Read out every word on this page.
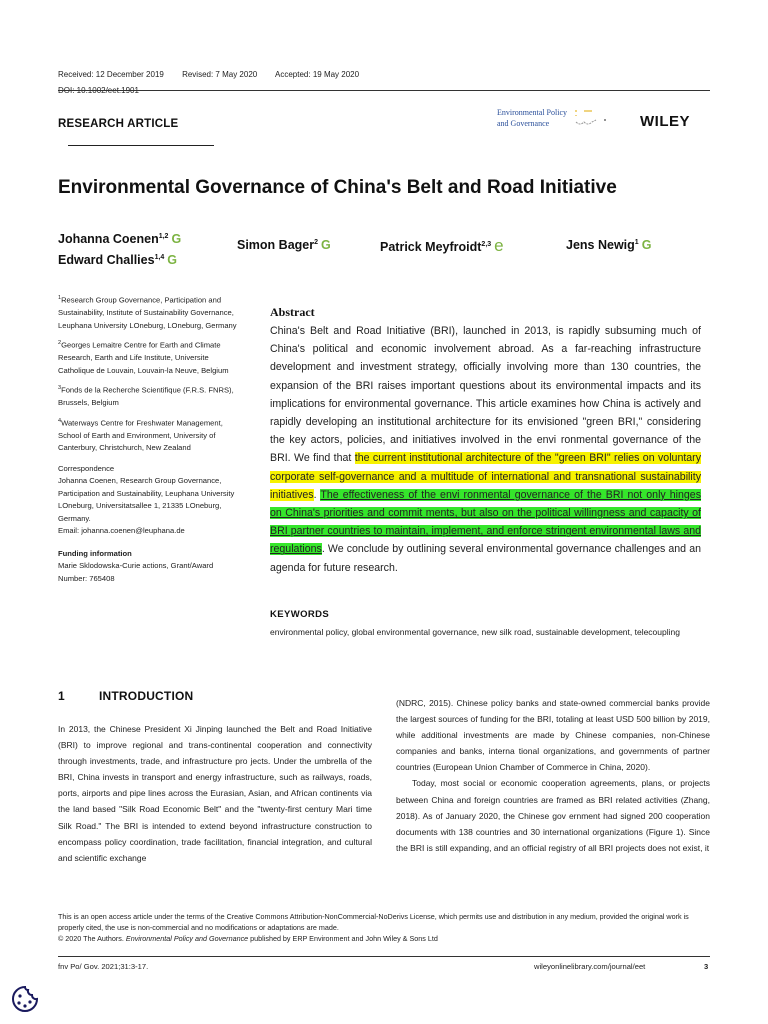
Received: 12 December 2019 Revised: 7 May 2020 Accepted: 19 May 2020
DOI: 10.1002/eet.1901
RESEARCH ARTICLE
Environmental Policy
and Governance	WILEY
Environmental Governance of China's Belt and Road Initiative
Johanna Coenen$^{1,2}$ G	Simon Bager$^2$ G	Patrick Meyfroidt$^{2,3}$ e	Jens Newig$^1$ G
Edward Challies$^{1,4}$ G

$^1$Research Group Governance, Participation and Sustainability, Institute of Sustainability Governance, Leuphana University LOneburg, LOneburg, Germany

$^2$Georges Lemaitre Centre for Earth and Climate Research, Earth and Life Institute, Universite Catholique de Louvain, Louvain-la Neuve, Belgium

$^3$Fonds de la Recherche Scientifique (F.R.S. FNRS), Brussels, Belgium

$^4$Waterways Centre for Freshwater Management, School of Earth and Environment, University of Canterbury, Christchurch, New Zealand

Correspondence
Johanna Coenen, Research Group Governance, Participation and Sustainability, Leuphana University LOneburg, Universitatsallee 1, 21335 LOneburg, Germany.
Email: johanna.coenen@leuphana.de

Funding information
Marie Sklodowska-Curie actions, Grant/Award Number: 765408

Abstract
China's Belt and Road Initiative (BRI), launched in 2013, is rapidly subsuming much of China's political and economic involvement abroad. As a far-reaching infrastructure development and investment strategy, officially involving more than 130 countries, the expansion of the BRI raises important questions about its environmental impacts and its implications for environmental governance. This article examines how China is actively and rapidly developing an institutional architecture for its envisioned "green BRI," considering the key actors, policies, and initiatives involved in the envi ronmental governance of the BRI. We find that the current institutional architecture of the "green BRI" relies on voluntary corporate self-governance and a multitude of international and transnational sustainability initiatives. The effectiveness of the envi ronmental governance of the BRI not only hinges on China's priorities and commit ments, but also on the political willingness and capacity of BRI partner countries to maintain, implement, and enforce stringent environmental laws and regulations. We conclude by outlining several environmental governance challenges and an agenda for future research.
KEYWORDS
environmental policy, global environmental governance, new silk road, sustainable development, telecoupling
1	INTRODUCTION
In 2013, the Chinese President Xi Jinping launched the Belt and Road Initiative (BRI) to improve regional and trans-continental cooperation and connectivity through investments, trade, and infrastructure pro jects. Under the umbrella of the BRI, China invests in transport and energy infrastructure, such as railways, roads, ports, airports and pipe lines across the Eurasian, Asian, and African continents via the land based "Silk Road Economic Belt" and the "twenty-first century Mari time Silk Road." The BRI is intended to extend beyond infrastructure construction to encompass policy coordination, trade facilitation, financial integration, and cultural and scientific exchange

(NDRC, 2015). Chinese policy banks and state-owned commercial banks provide the largest sources of funding for the BRI, totaling at least USD 500 billion by 2019, while additional investments are made by Chinese companies, non-Chinese companies and banks, interna tional organizations, and governments of partner countries (European Union Chamber of Commerce in China, 2020).

Today, most social or economic cooperation agreements, plans, or projects between China and foreign countries are framed as BRI related activities (Zhang, 2018). As of January 2020, the Chinese gov ernment had signed 200 cooperation documents with 138 countries and 30 international organizations (Figure 1). Since the BRI is still expanding, and an official registry of all BRI projects does not exist, it

This is an open access article under the terms of the Creative Commons Attribution-NonCommercial-NoDerivs License, which permits use and distribution in any medium, provided the original work is properly cited, the use is non-commercial and no modifications or adaptations are made.
© 2020 The Authors. Environmental Policy and Governance published by ERP Environment and John Wiley & Sons Ltd
fnv Po/ Gov. 2021;31:3-17.	wileyonlinelibrary.com/journal/eet	3
